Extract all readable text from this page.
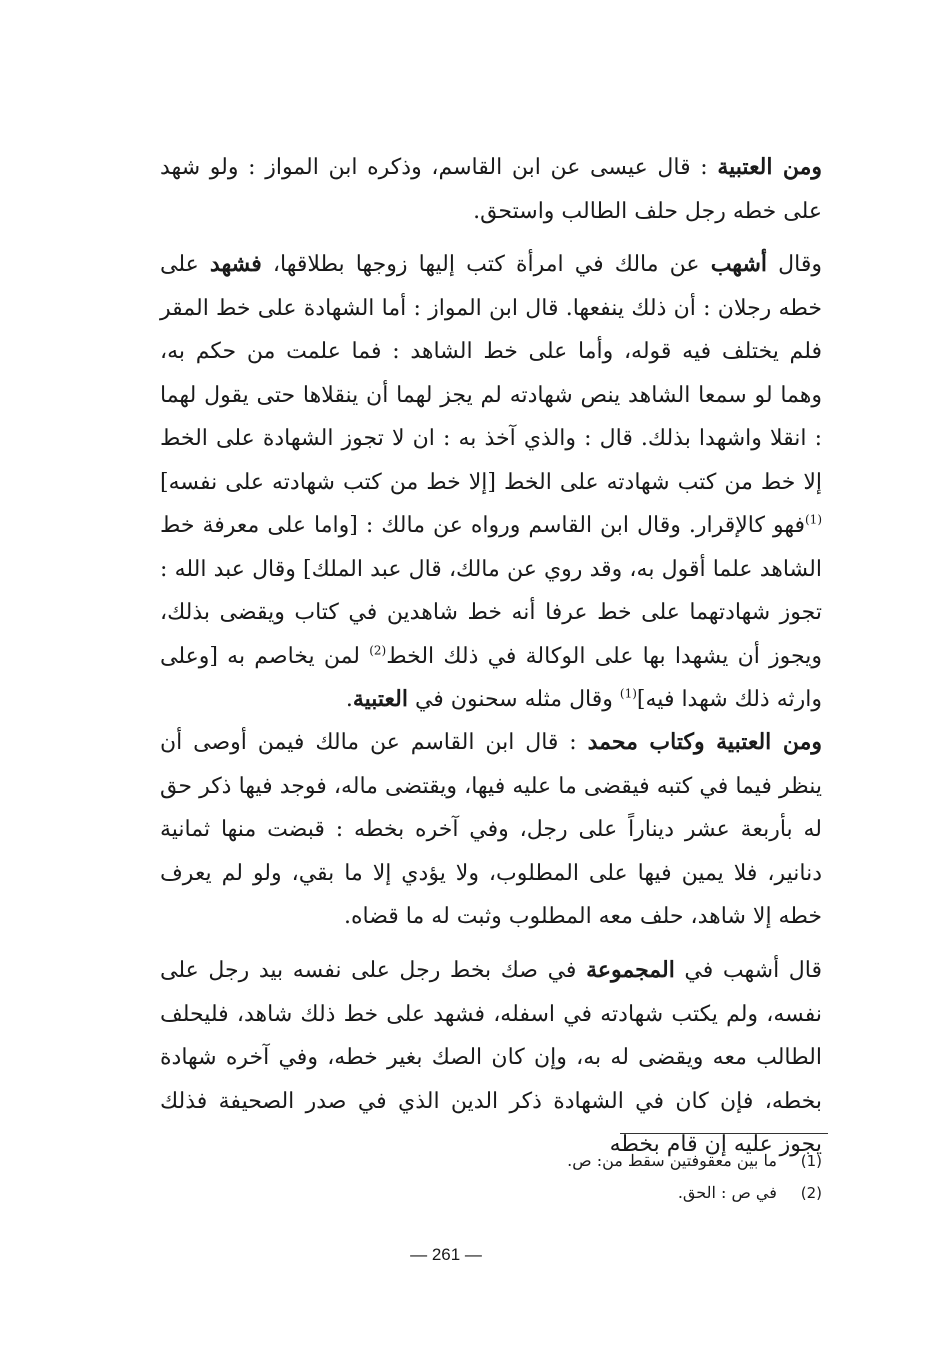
ومن العتبية : قال عيسى عن ابن القاسم، وذكره ابن المواز : ولو شهد على خطه رجل حلف الطالب واستحق.

وقال أشهب عن مالك في امرأة كتب إليها زوجها بطلاقها، فشهد على خطه رجلان : أن ذلك ينفعها. قال ابن المواز : أما الشهادة على خط المقر فلم يختلف فيه قوله، وأما على خط الشاهد : فما علمت من حكم به، وهما لو سمعا الشاهد ينص شهادته لم يجز لهما أن ينقلاها حتى يقول لهما : انقلا واشهدا بذلك. قال : والذي آخذ به : ان لا تجوز الشهادة على الخط إلا خط من كتب شهادته على الخط [إلا خط من كتب شهادته على نفسه]$^{(1)}$فهو كالإقرار. وقال ابن القاسم ورواه عن مالك : [واما على معرفة خط الشاهد علما أقول به، وقد روي عن مالك، قال عبد الملك] وقال عبد الله : تجوز شهادتهما على خط عرفا أنه خط شاهدين في كتاب ويقضى بذلك، ويجوز أن يشهدا بها على الوكالة في ذلك الخط$^{(2)}$ لمن يخاصم به [وعلى وارثه ذلك شهدا فيه]$^{(1)}$ وقال مثله سحنون في العتبية.

ومن العتبية وكتاب محمد : قال ابن القاسم عن مالك فيمن أوصى أن ينظر فيما في كتبه فيقضى ما عليه فيها، ويقتضى ماله، فوجد فيها ذكر حق له بأربعة عشر ديناراً على رجل، وفي آخره بخطه : قبضت منها ثمانية دنانير، فلا يمين فيها على المطلوب، ولا يؤدي إلا ما بقي، ولو لم يعرف خطه إلا شاهد، حلف معه المطلوب وثبت له ما قضاه.

قال أشهب في المجموعة في صك بخط رجل على نفسه بيد رجل على نفسه، ولم يكتب شهادته في اسفله، فشهد على خط ذلك شاهد، فليحلف الطالب معه ويقضى له به، وإن كان الصك بغير خطه، وفي آخره شهادة بخطه، فإن كان في الشهادة ذكر الدين الذي في صدر الصحيفة فذلك يجوز عليه إن قام بخطه

(1) ما بين معقوفتين سقط من: ص.
(2) في ص : الحق.
— 261 —
